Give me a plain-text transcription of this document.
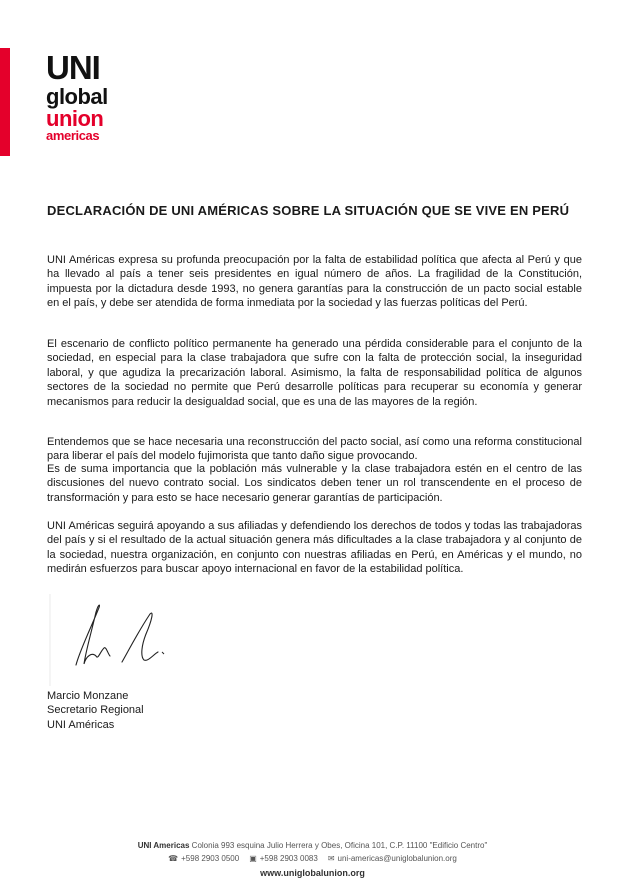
UNI
global
union
americas
DECLARACIÓN DE UNI AMÉRICAS SOBRE LA SITUACIÓN QUE SE VIVE EN PERÚ

UNI Américas expresa su profunda preocupación por la falta de estabilidad política que afecta al Perú y que ha llevado al país a tener seis presidentes en igual número de años. La fragilidad de la Constitución, impuesta por la dictadura desde 1993, no genera garantías para la construcción de un pacto social estable en el país, y debe ser atendida de forma inmediata por la sociedad y las fuerzas políticas del Perú.

El escenario de conflicto político permanente ha generado una pérdida considerable para el conjunto de la sociedad, en especial para la clase trabajadora que sufre con la falta de protección social, la inseguridad laboral, y que agudiza la precarización laboral. Asimismo, la falta de responsabilidad política de algunos sectores de la sociedad no permite que Perú desarrolle políticas para recuperar su economía y generar mecanismos para reducir la desigualdad social, que es una de las mayores de la región.

Entendemos que se hace necesaria una reconstrucción del pacto social, así como una reforma constitucional para liberar el país del modelo fujimorista que tanto daño sigue provocando.

Es de suma importancia que la población más vulnerable y la clase trabajadora estén en el centro de las discusiones del nuevo contrato social. Los sindicatos deben tener un rol transcendente en el proceso de transformación y para esto se hace necesario generar garantías de participación.

UNI Américas seguirá apoyando a sus afiliadas y defendiendo los derechos de todos y todas las trabajadoras del país y si el resultado de la actual situación genera más dificultades a la clase trabajadora y al conjunto de la sociedad, nuestra organización, en conjunto con nuestras afiliadas en Perú, en Américas y el mundo, no medirán esfuerzos para buscar apoyo internacional en favor de la estabilidad política.

Marcio Monzane
Secretario Regional
UNI Américas
UNI Americas Colonia 993 esquina Julio Herrera y Obes, Oficina 101, C.P. 11100 "Edificio Centro"
☎ +598 2903 0500 ▣ +598 2903 0083 ✉ uni-americas@uniglobalunion.org
www.uniglobalunion.org
